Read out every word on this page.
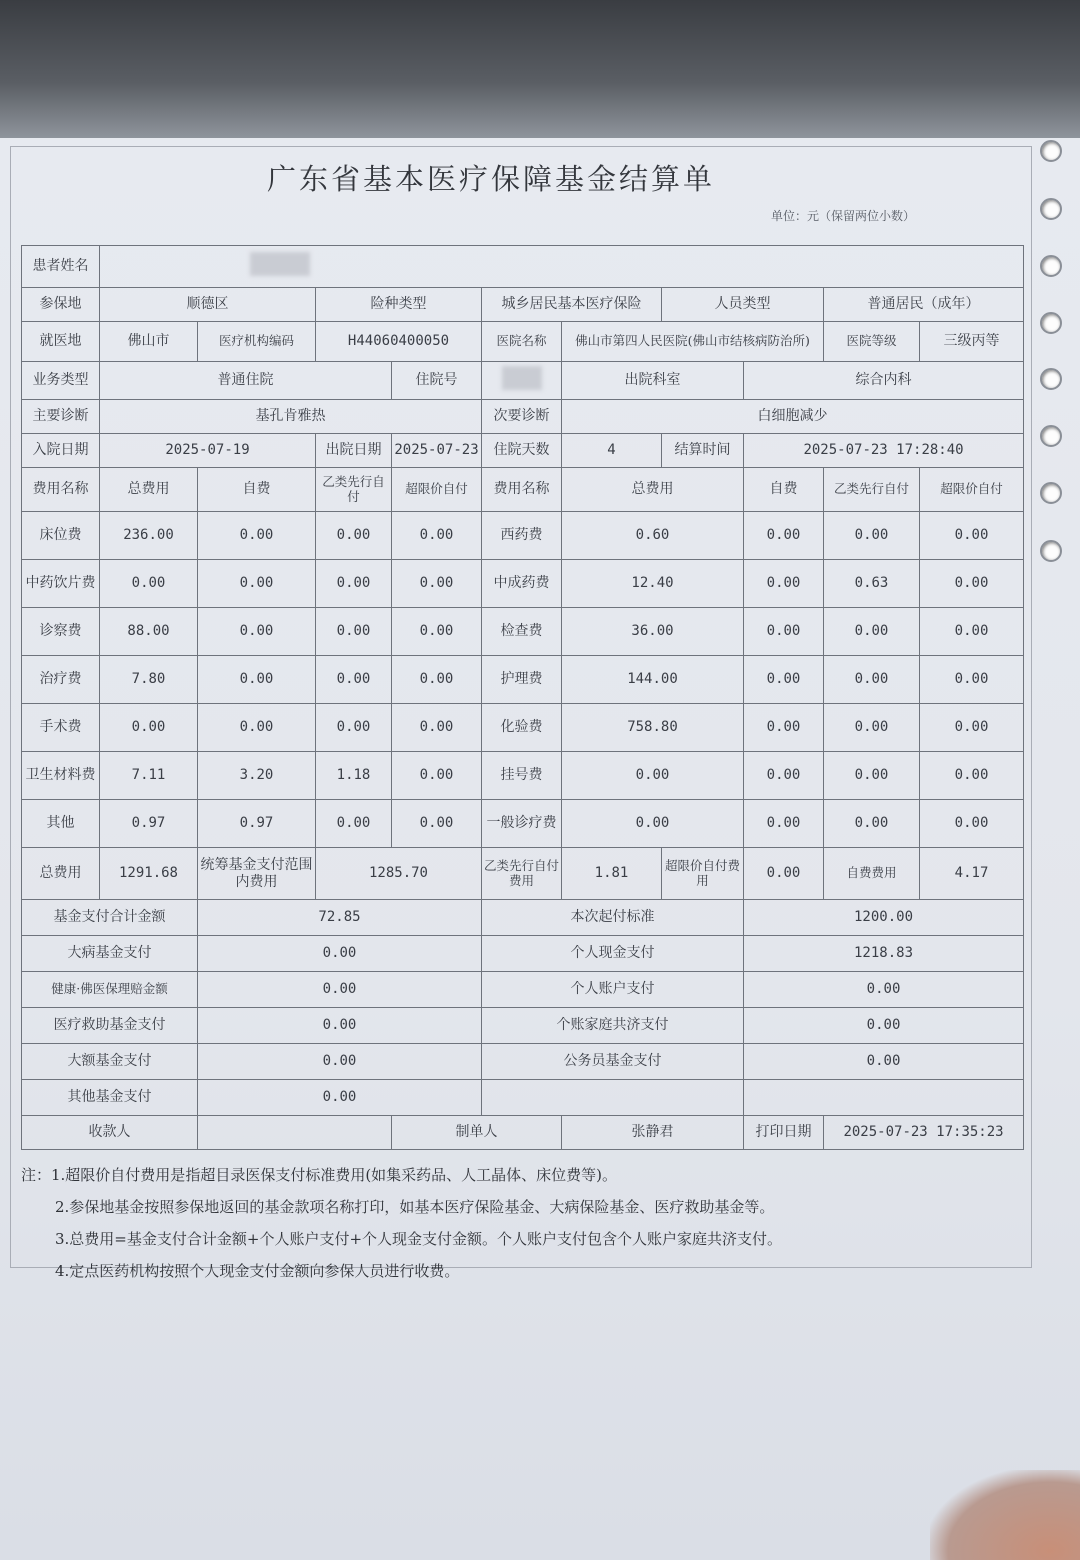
广东省基本医疗保障基金结算单
单位：元（保留两位小数）
患者姓名										
参保地	顺德区		险种类型		城乡居民基本医疗保险		人员类型		普通居民（成年）	
就医地	佛山市	医疗机构编码	H44060400050		医院名称	佛山市第四人民医院(佛山市结核病防治所)			医院等级	三级丙等
业务类型	普通住院			住院号		出院科室		综合内科		
主要诊断	基孔肯雅热				次要诊断	白细胞减少				
入院日期	2025-07-19		出院日期	2025-07-23	住院天数	4	结算时间	2025-07-23 17:28:40		
费用名称	总费用	自费	乙类先行自付	超限价自付	费用名称	总费用		自费	乙类先行自付	超限价自付
床位费	236.00	0.00	0.00	0.00	西药费	0.60		0.00	0.00	0.00
中药饮片费	0.00	0.00	0.00	0.00	中成药费	12.40		0.00	0.63	0.00
诊察费	88.00	0.00	0.00	0.00	检查费	36.00		0.00	0.00	0.00
治疗费	7.80	0.00	0.00	0.00	护理费	144.00		0.00	0.00	0.00
手术费	0.00	0.00	0.00	0.00	化验费	758.80		0.00	0.00	0.00
卫生材料费	7.11	3.20	1.18	0.00	挂号费	0.00		0.00	0.00	0.00
其他	0.97	0.97	0.00	0.00	一般诊疗费	0.00		0.00	0.00	0.00
总费用	1291.68	统筹基金支付范围内费用	1285.70		乙类先行自付费用	1.81	超限价自付费用	0.00	自费费用	4.17
基金支付合计金额		72.85			本次起付标准			1200.00		
大病基金支付		0.00			个人现金支付			1218.83		
健康·佛医保理赔金额		0.00			个人账户支付			0.00		
医疗救助基金支付		0.00			个账家庭共济支付			0.00		
大额基金支付		0.00			公务员基金支付			0.00		
其他基金支付		0.00								
收款人				制单人		张静君		打印日期	2025-07-23 17:35:23	
注：1.超限价自付费用是指超目录医保支付标准费用(如集采药品、人工晶体、床位费等)。
2.参保地基金按照参保地返回的基金款项名称打印，如基本医疗保险基金、大病保险基金、医疗救助基金等。
3.总费用=基金支付合计金额+个人账户支付+个人现金支付金额。个人账户支付包含个人账户家庭共济支付。
4.定点医药机构按照个人现金支付金额向参保人员进行收费。
